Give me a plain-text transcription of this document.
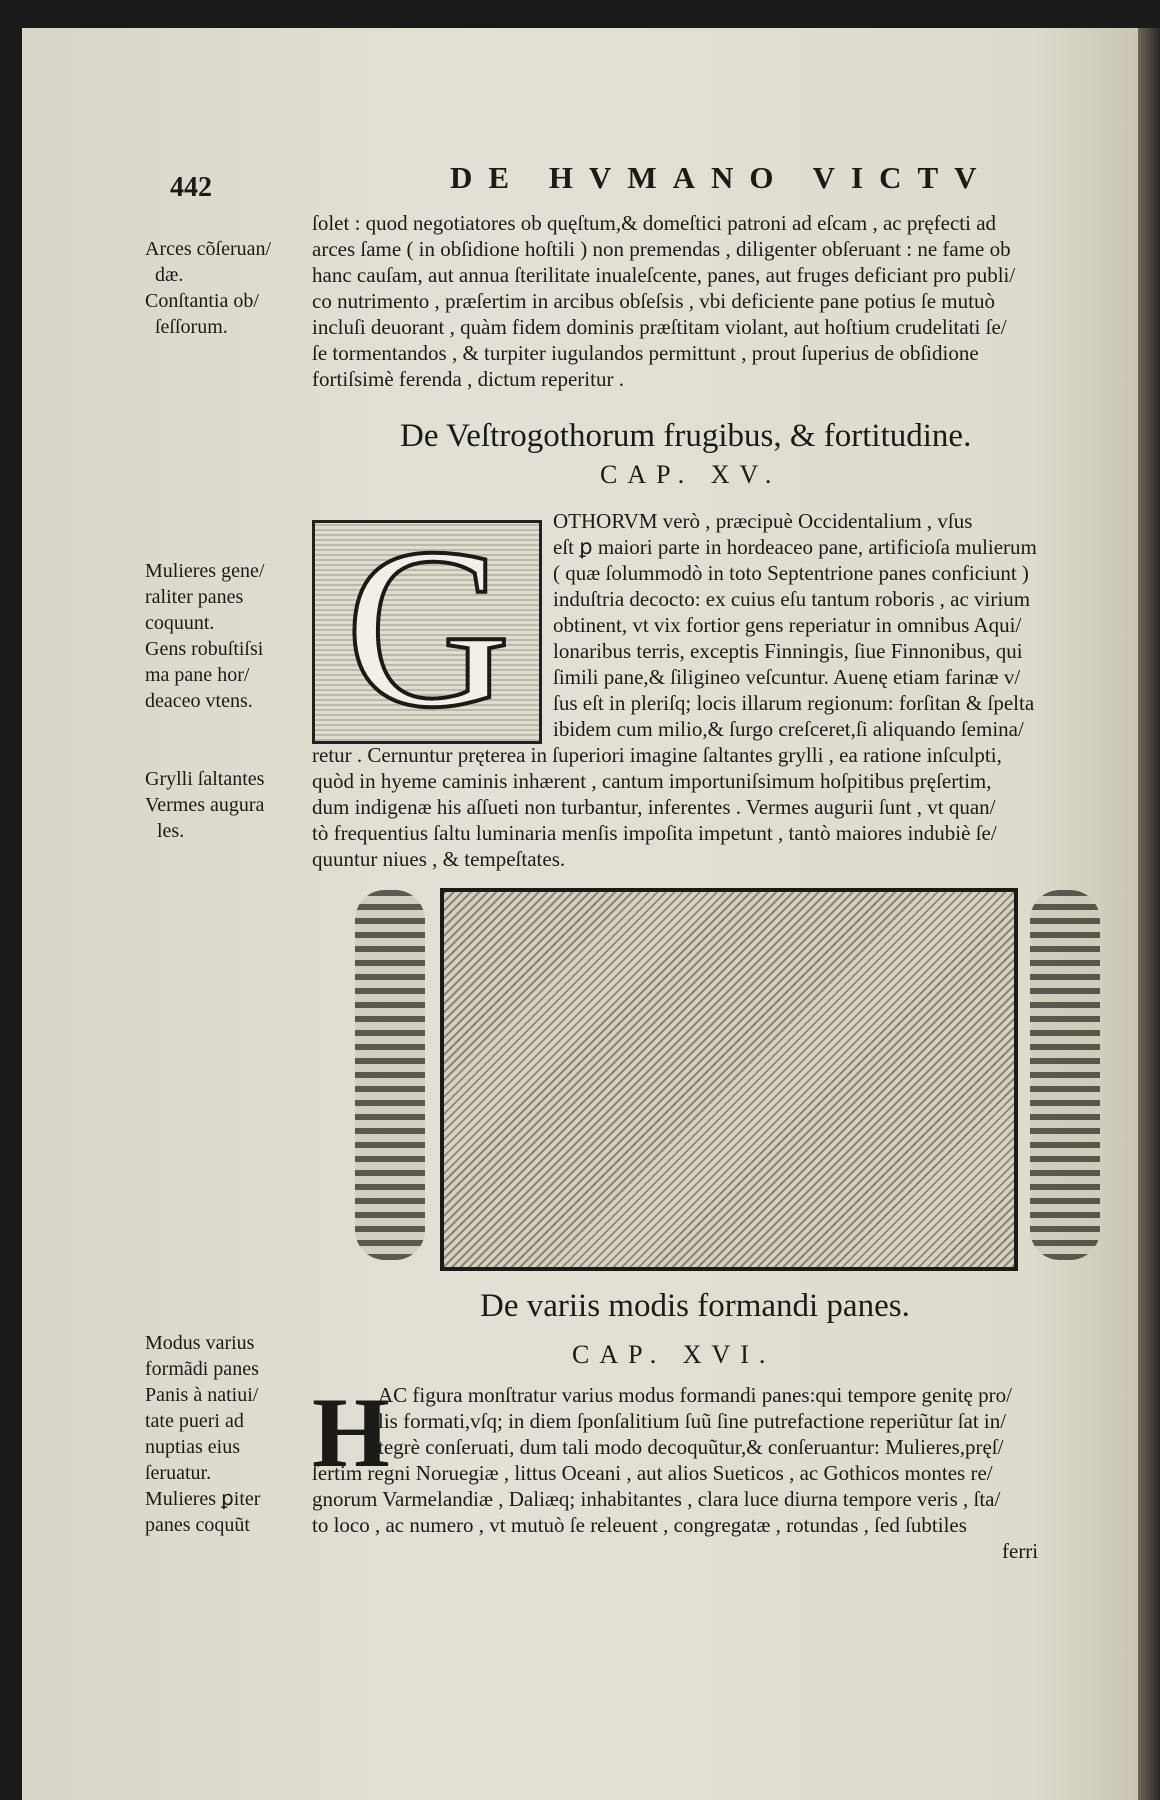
442	DE HVMANO VICTV
ſolet : quod negotiatores ob quęſtum,& domeſtici patroni ad eſcam , ac pręfecti ad
arces ſame ( in obſidione hoſtili ) non premendas , diligenter obſeruant : ne fame ob
hanc cauſam, aut annua ſterilitate inualeſcente, panes, aut fruges deficiant pro publi/
co nutrimento , præſertim in arcibus obſeſsis , vbi deficiente pane potius ſe mutuò
incluſi deuorant , quàm fidem dominis præſtitam violant, aut hoſtium crudelitati ſe/
ſe tormentandos , & turpiter iugulandos permittunt , prout ſuperius de obſidione
fortiſsimè ferenda , dictum reperitur .
Arces cõſeruan/
dæ.
Conſtantia ob/
ſeſſorum.
De Veſtrogothorum frugibus, & fortitudine.
CAP. XV.
G OTHORVM verò , præcipuè Occidentalium , vſus
eſt ꝑ maiori parte in hordeaceo pane, artificioſa mulierum
( quæ ſolummodò in toto Septentrione panes conficiunt )
induſtria decocto: ex cuius eſu tantum roboris , ac virium
obtinent, vt vix fortior gens reperiatur in omnibus Aqui/
lonaribus terris, exceptis Finningis, ſiue Finnonibus, qui
ſimili pane,& ſiligineo veſcuntur. Auenę etiam farinæ v/
ſus eſt in pleriſq; locis illarum regionum: forſitan & ſpelta
ibidem cum milio,& ſurgo creſceret,ſi aliquando ſemina/
retur . Cernuntur pręterea in ſuperiori imagine ſaltantes grylli , ea ratione inſculpti,
quòd in hyeme caminis inhærent , cantum importuniſsimum hoſpitibus pręſertim,
dum indigenæ his aſſueti non turbantur, inferentes . Vermes augurii ſunt , vt quan/
tò frequentius ſaltu luminaria menſis impoſita impetunt , tantò maiores indubiè ſe/
quuntur niues , & tempeſtates.
Mulieres gene/
raliter panes
coquunt.
Gens robuſtiſsi
ma pane hor/
deaceo vtens.
Grylli ſaltantes
Vermes augura
les.
De variis modis formandi panes.
CAP. XVI.
H
AC figura monſtratur varius modus formandi panes:qui tempore genitę pro/
lis formati,vſq; in diem ſponſalitium ſuũ ſine putrefactione reperiũtur ſat in/
tegrè conſeruati, dum tali modo decoquũtur,& conſeruantur: Mulieres,pręſ/
ſertim regni Noruegiæ , littus Oceani , aut alios Sueticos , ac Gothicos montes re/
gnorum Varmelandiæ , Daliæq; inhabitantes , clara luce diurna tempore veris , ſta/
to loco , ac numero , vt mutuò ſe releuent , congregatæ , rotundas , ſed ſubtiles
ferri
Modus varius
formãdi panes
Panis à natiui/
tate pueri ad
nuptias eius
ſeruatur.
Mulieres ꝑiter
panes coquũt
